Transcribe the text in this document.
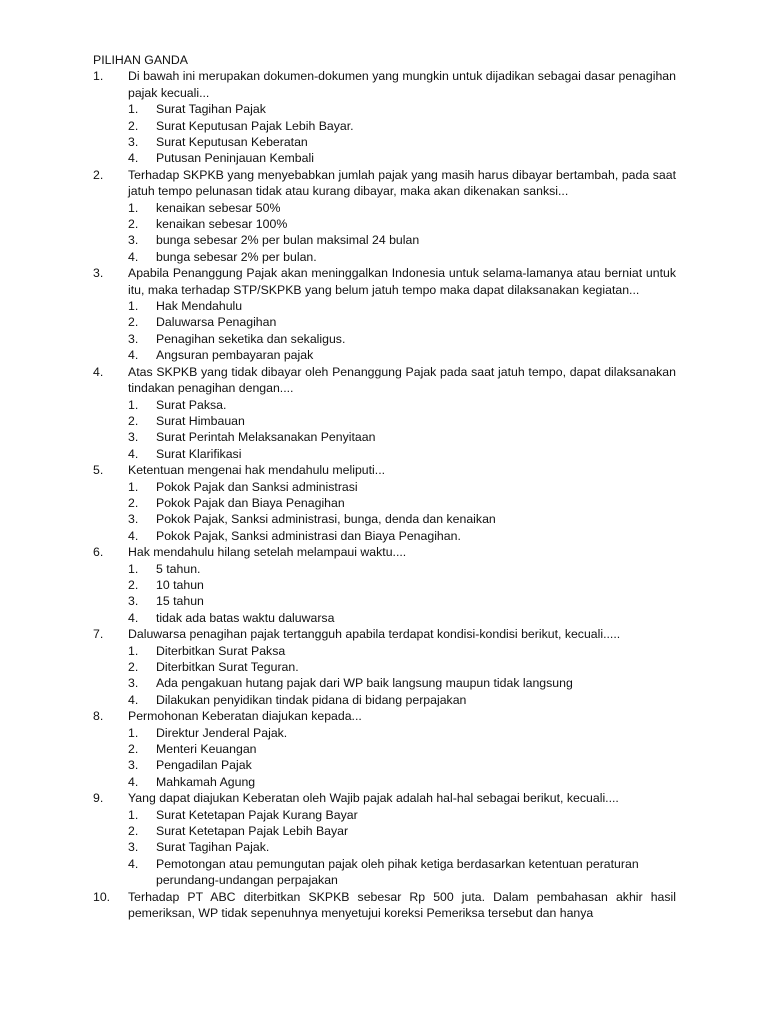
PILIHAN GANDA
1.	Di bawah ini merupakan dokumen-dokumen yang mungkin untuk dijadikan sebagai dasar penagihan pajak kecuali...
1.	Surat Tagihan Pajak
2.	Surat Keputusan Pajak Lebih Bayar.
3.	Surat Keputusan Keberatan
4.	Putusan Peninjauan Kembali
2.	Terhadap SKPKB yang menyebabkan jumlah pajak yang masih harus dibayar bertambah, pada saat jatuh tempo pelunasan tidak atau kurang dibayar, maka akan dikenakan sanksi...
1.	kenaikan sebesar 50%
2.	kenaikan sebesar 100%
3.	bunga sebesar 2% per bulan maksimal 24 bulan
4.	bunga sebesar 2% per bulan.
3.	Apabila Penanggung Pajak akan meninggalkan Indonesia untuk selama-lamanya atau berniat untuk itu, maka terhadap STP/SKPKB yang belum jatuh tempo maka dapat dilaksanakan kegiatan...
1.	Hak Mendahulu
2.	Daluwarsa Penagihan
3.	Penagihan seketika dan sekaligus.
4.	Angsuran pembayaran pajak
4.	Atas SKPKB yang tidak dibayar oleh Penanggung Pajak pada saat jatuh tempo, dapat dilaksanakan tindakan penagihan dengan....
1.	Surat Paksa.
2.	Surat Himbauan
3.	Surat Perintah Melaksanakan Penyitaan
4.	Surat Klarifikasi
5.	Ketentuan mengenai hak mendahulu meliputi...
1.	Pokok Pajak dan Sanksi administrasi
2.	Pokok Pajak dan Biaya Penagihan
3.	Pokok Pajak, Sanksi administrasi, bunga, denda dan kenaikan
4.	Pokok Pajak, Sanksi administrasi dan Biaya Penagihan.
6.	Hak mendahulu hilang setelah melampaui waktu....
1.	5 tahun.
2.	10 tahun
3.	15 tahun
4.	tidak ada batas waktu daluwarsa
7.	Daluwarsa penagihan pajak tertangguh apabila terdapat kondisi-kondisi berikut, kecuali.....
1.	Diterbitkan Surat Paksa
2.	Diterbitkan Surat Teguran.
3.	Ada pengakuan hutang pajak dari WP baik langsung maupun tidak langsung
4.	Dilakukan penyidikan tindak pidana di bidang perpajakan
8.	Permohonan Keberatan diajukan kepada...
1.	Direktur Jenderal Pajak.
2.	Menteri Keuangan
3.	Pengadilan Pajak
4.	Mahkamah Agung
9.	Yang dapat diajukan Keberatan oleh Wajib pajak adalah hal-hal sebagai berikut, kecuali....
1.	Surat Ketetapan Pajak Kurang Bayar
2.	Surat Ketetapan Pajak Lebih Bayar
3.	Surat Tagihan Pajak.
4.	Pemotongan atau pemungutan pajak oleh pihak ketiga berdasarkan ketentuan peraturan perundang-undangan perpajakan
10.	Terhadap PT ABC diterbitkan SKPKB sebesar Rp 500 juta. Dalam pembahasan akhir hasil pemeriksan, WP tidak sepenuhnya menyetujui koreksi Pemeriksa tersebut dan hanya
